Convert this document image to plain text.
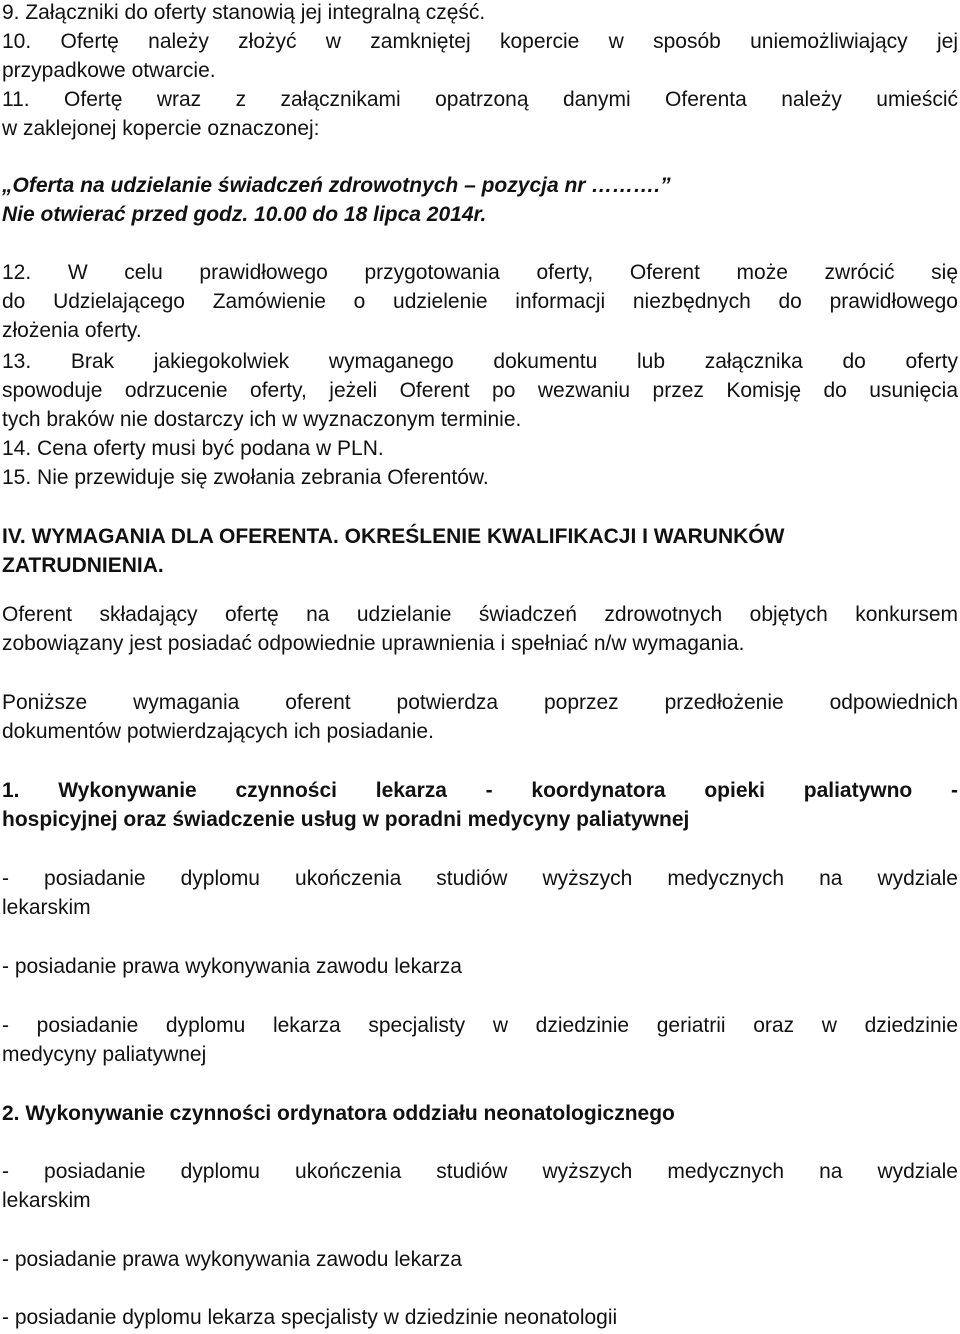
9. Załączniki do oferty stanowią jej integralną część.

10. Ofertę należy złożyć w zamkniętej kopercie w sposób uniemożliwiający jej

przypadkowe otwarcie.

11. Ofertę wraz z załącznikami opatrzoną danymi Oferenta należy umieścić

w zaklejonej kopercie oznaczonej:

„Oferta na udzielanie świadczeń zdrowotnych – pozycja nr ……….”

Nie otwierać przed godz. 10.00 do 18 lipca 2014r.

12. W celu prawidłowego przygotowania oferty, Oferent może zwrócić się

do Udzielającego Zamówienie o udzielenie informacji niezbędnych do prawidłowego

złożenia oferty.

13. Brak jakiegokolwiek wymaganego dokumentu lub załącznika do oferty

spowoduje odrzucenie oferty, jeżeli Oferent po wezwaniu przez Komisję do usunięcia

tych braków nie dostarczy ich w wyznaczonym terminie.

14. Cena oferty musi być podana w PLN.

15. Nie przewiduje się zwołania zebrania Oferentów.

IV. WYMAGANIA DLA OFERENTA. OKREŚLENIE KWALIFIKACJI I WARUNKÓW

ZATRUDNIENIA.

Oferent składający ofertę na udzielanie świadczeń zdrowotnych objętych konkursem

zobowiązany jest posiadać odpowiednie uprawnienia i spełniać n/w wymagania.

Poniższe wymagania oferent potwierdza poprzez przedłożenie odpowiednich

dokumentów potwierdzających ich posiadanie.

1. Wykonywanie czynności lekarza - koordynatora opieki paliatywno -

hospicyjnej oraz świadczenie usług w poradni medycyny paliatywnej

- posiadanie dyplomu ukończenia studiów wyższych medycznych na wydziale

lekarskim

- posiadanie prawa wykonywania zawodu lekarza

- posiadanie dyplomu lekarza specjalisty w dziedzinie geriatrii oraz w dziedzinie

medycyny paliatywnej

2. Wykonywanie czynności ordynatora oddziału neonatologicznego

- posiadanie dyplomu ukończenia studiów wyższych medycznych na wydziale

lekarskim

- posiadanie prawa wykonywania zawodu lekarza

- posiadanie dyplomu lekarza specjalisty w dziedzinie neonatologii
